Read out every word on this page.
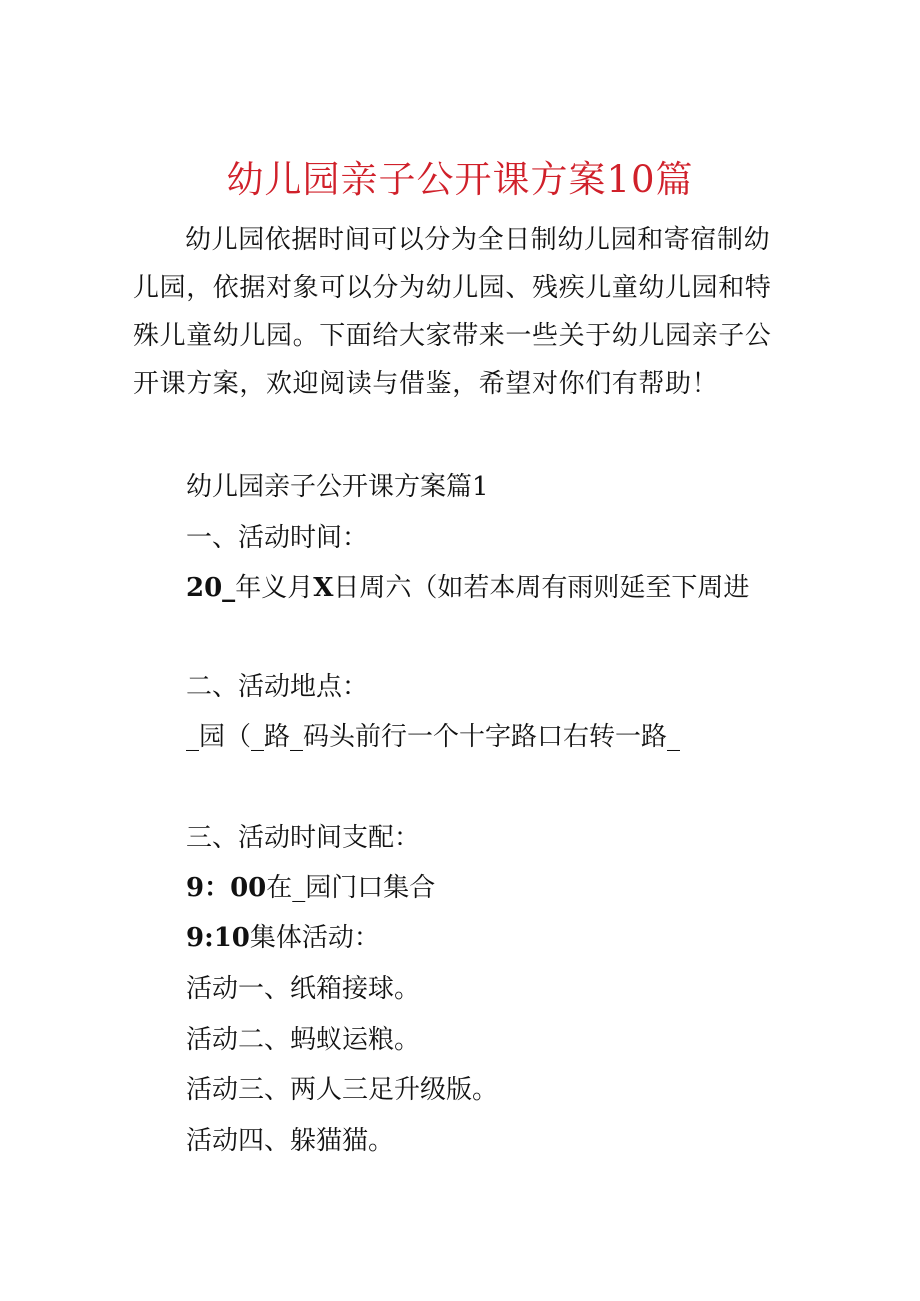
幼儿园亲子公开课方案10篇

幼儿园依据时间可以分为全日制幼儿园和寄宿制幼儿园，依据对象可以分为幼儿园、残疾儿童幼儿园和特殊儿童幼儿园。下面给大家带来一些关于幼儿园亲子公开课方案，欢迎阅读与借鉴，希望对你们有帮助！

幼儿园亲子公开课方案篇1

一、活动时间：

20_年义月X日周六（如若本周有雨则延至下周进

二、活动地点：

_园（_路_码头前行一个十字路口右转一路_

三、活动时间支配：

9：00在_园门口集合

9:10集体活动：

活动一、纸箱接球。

活动二、蚂蚁运粮。

活动三、两人三足升级版。

活动四、躲猫猫。
